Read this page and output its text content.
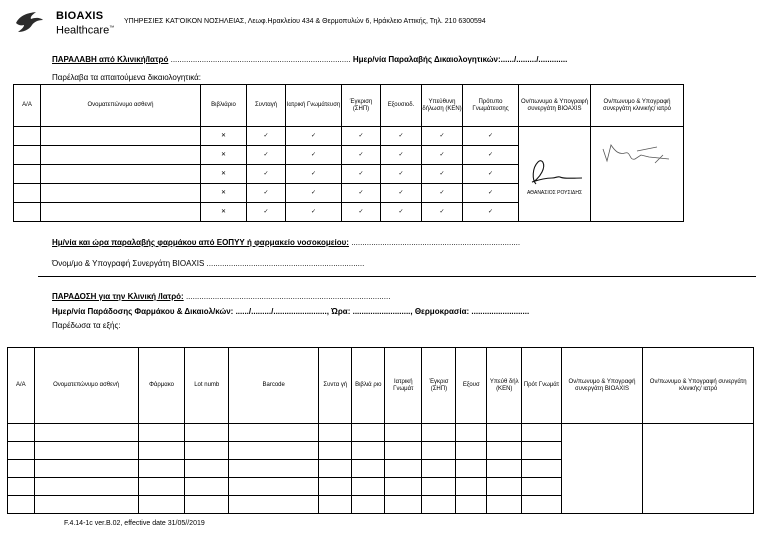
BIOAXIS
Healthcare™
ΥΠΗΡΕΣΙΕΣ ΚΑΤ'ΟΙΚΟΝ ΝΟΣΗΛΕΙΑΣ, Λεωφ.Ηρακλείου 434 & Θερμοπυλών 6, Ηράκλειο Αττικής, Τηλ. 210 6300594
ΠΑΡΑΛΑΒΗ από Κλινική/Ιατρό ................................................................................. Ημερ/νία Παραλαβής Δικαιολογητικών:....../........./.............
Παρέλαβα τα απαιτούμενα δικαιολογητικά:
Α/Α	Ονοματεπώνυμο ασθενή	Βιβλιάριο	Συνταγή	Ιατρική Γνωμάτευση	Έγκριση (ΣΗΠ)	Εξουσιοδ.	Υπεύθυνη δήλωση (ΚΕΝ)	Πρότυπο Γνωμάτευσης	Ον/πωνυμο & Υπογραφή συνεργάτη BIOAXIS	Ον/πωνυμο & Υπογραφή συνεργάτη κλινικής/ ιατρό
		✕	✓	✓	✓	✓	✓	✓	ΑΘΑΝΑΣΙΟΣ ΡΟΥΣΙΔΗΣ

		✕	✓	✓	✓	✓	✓	✓		
		✕	✓	✓	✓	✓	✓	✓		
		✕	✓	✓	✓	✓	✓	✓		
		✕	✓	✓	✓	✓	✓	✓		
Ημ/νία και ώρα παραλαβής φαρμάκου από ΕΟΠΥΥ ή φαρμακείο νοσοκομείου: ............................................................................
Όνομ/μο & Υπογραφή Συνεργάτη BIOAXIS .......................................................................
ΠΑΡΑΔΟΣΗ για την Κλινική /Ιατρό: ............................................................................................
Ημερ/νία Παράδοσης Φαρμάκου & Δικαιολ/κών: ....../........./........................, Ώρα: .........................., Θερμοκρασία: ..........................
Παρέδωσα τα εξής:
Α/Α	Ονοματεπώνυμο ασθενή	Φάρμακο	Lot numb	Barcode	Συντα γή	Βιβλιά ριο	Ιατρική Γνωμάτ	Έγκρισ (ΣΗΠ)	Εξουσ	Υπεύθ δήλ (ΚΕΝ)	Πρότ Γνωμάτ	Ον/πωνυμο & Υπογραφή συνεργάτη BIOAXIS	Ον/πωνυμο & Υπογραφή συνεργάτη κλινικής/ ιατρό

F.4.14-1c ver.B.02, effective date 31/05//2019
